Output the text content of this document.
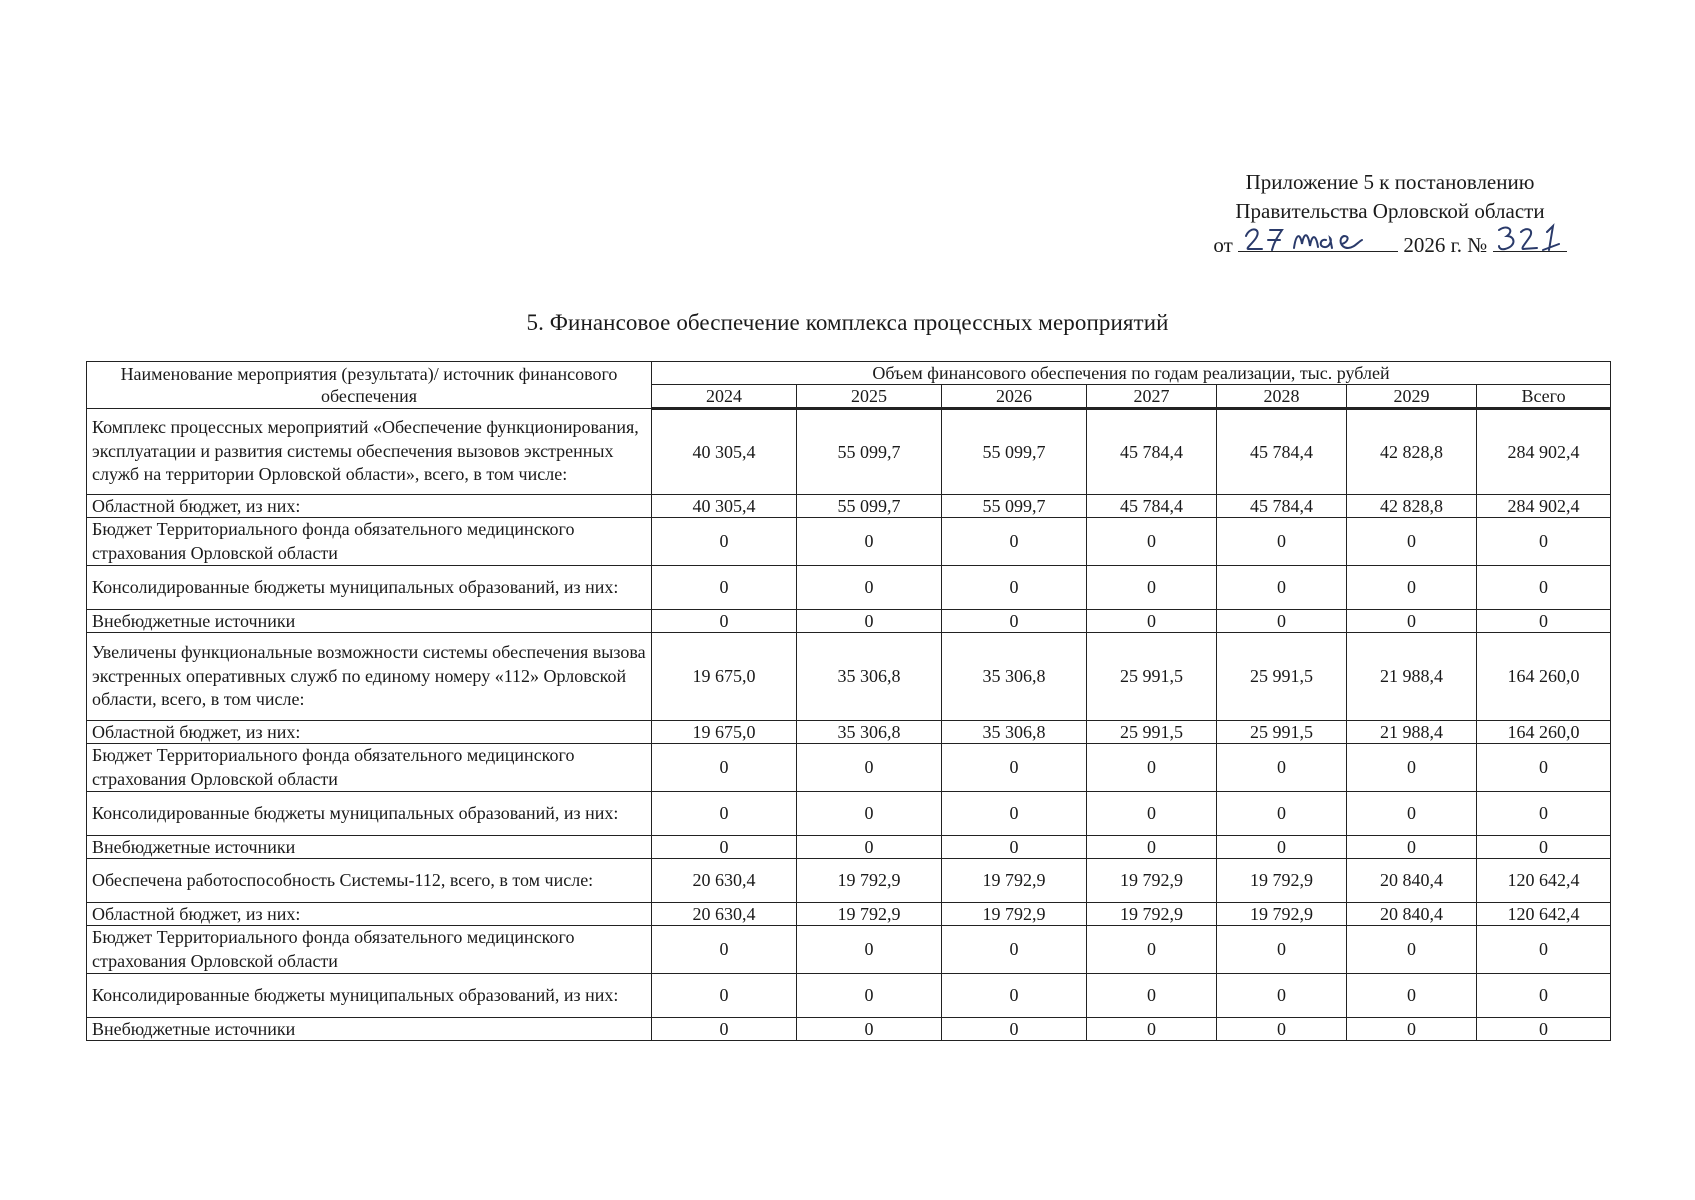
Приложение 5 к постановлению
Правительства Орловской области
от	2026 г. №
5. Финансовое обеспечение комплекса процессных мероприятий
Наименование мероприятия (результата)/ источник финансового обеспечения	Объем финансового обеспечения по годам реализации, тыс. рублей						
	2024	2025	2026	2027	2028	2029	Всего
Комплекс процессных мероприятий «Обеспечение функционирования, эксплуатации и развития системы обеспечения вызовов экстренных служб на территории Орловской области», всего, в том числе:	40 305,4	55 099,7	55 099,7	45 784,4	45 784,4	42 828,8	284 902,4
Областной бюджет, из них:	40 305,4	55 099,7	55 099,7	45 784,4	45 784,4	42 828,8	284 902,4
Бюджет Территориального фонда обязательного медицинского страхования Орловской области	0	0	0	0	0	0	0
Консолидированные бюджеты муниципальных образований, из них:	0	0	0	0	0	0	0
Внебюджетные источники	0	0	0	0	0	0	0
Увеличены функциональные возможности системы обеспечения вызова экстренных оперативных служб по единому номеру «112» Орловской области, всего, в том числе:	19 675,0	35 306,8	35 306,8	25 991,5	25 991,5	21 988,4	164 260,0
Областной бюджет, из них:	19 675,0	35 306,8	35 306,8	25 991,5	25 991,5	21 988,4	164 260,0
Бюджет Территориального фонда обязательного медицинского страхования Орловской области	0	0	0	0	0	0	0
Консолидированные бюджеты муниципальных образований, из них:	0	0	0	0	0	0	0
Внебюджетные источники	0	0	0	0	0	0	0
Обеспечена работоспособность Системы-112, всего, в том числе:	20 630,4	19 792,9	19 792,9	19 792,9	19 792,9	20 840,4	120 642,4
Областной бюджет, из них:	20 630,4	19 792,9	19 792,9	19 792,9	19 792,9	20 840,4	120 642,4
Бюджет Территориального фонда обязательного медицинского страхования Орловской области	0	0	0	0	0	0	0
Консолидированные бюджеты муниципальных образований, из них:	0	0	0	0	0	0	0
Внебюджетные источники	0	0	0	0	0	0	0
